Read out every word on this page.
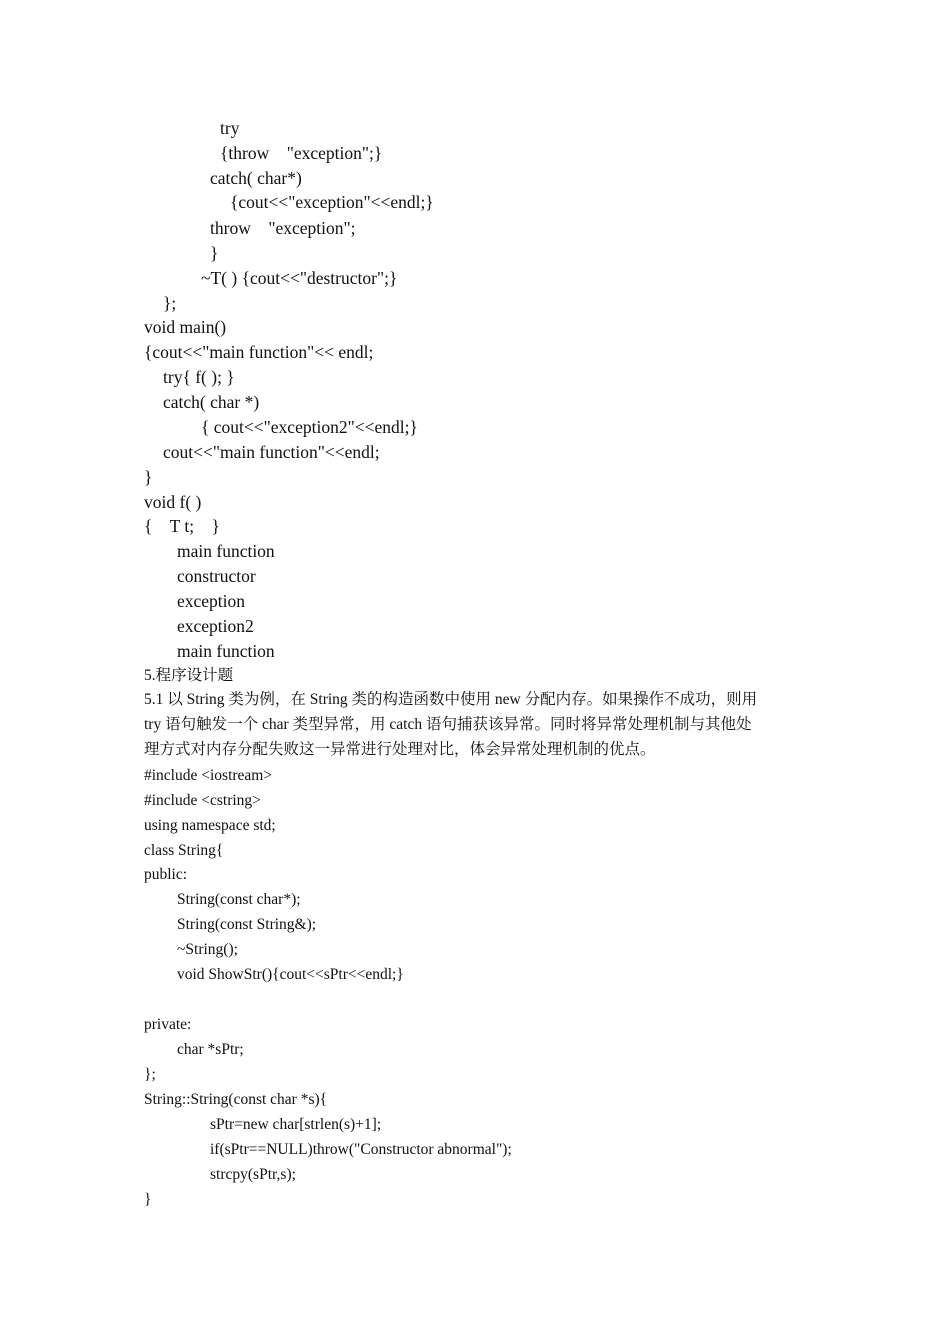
try
{throw    "exception";}
catch( char*)
{cout<<"exception"<<endl;}
throw    "exception";
}
~T( ) {cout<<"destructor";}
};
void main()
{cout<<"main function"<< endl;
try{ f( ); }
catch( char *)
{ cout<<"exception2"<<endl;}
cout<<"main function"<<endl;
}
void f( )
{    T t;    }
main function
constructor
exception
exception2
main function
5.程序设计题
5.1 以 String 类为例，在 String 类的构造函数中使用 new 分配内存。如果操作不成功，则用
try 语句触发一个 char 类型异常，用 catch 语句捕获该异常。同时将异常处理机制与其他处
理方式对内存分配失败这一异常进行处理对比，体会异常处理机制的优点。
#include <iostream>
#include <cstring>
using namespace std;
class String{
public:
String(const char*);
String(const String&);
~String();
void ShowStr(){cout<<sPtr<<endl;}
private:
char *sPtr;
};
String::String(const char *s){
sPtr=new char[strlen(s)+1];
if(sPtr==NULL)throw("Constructor abnormal");
strcpy(sPtr,s);
}
